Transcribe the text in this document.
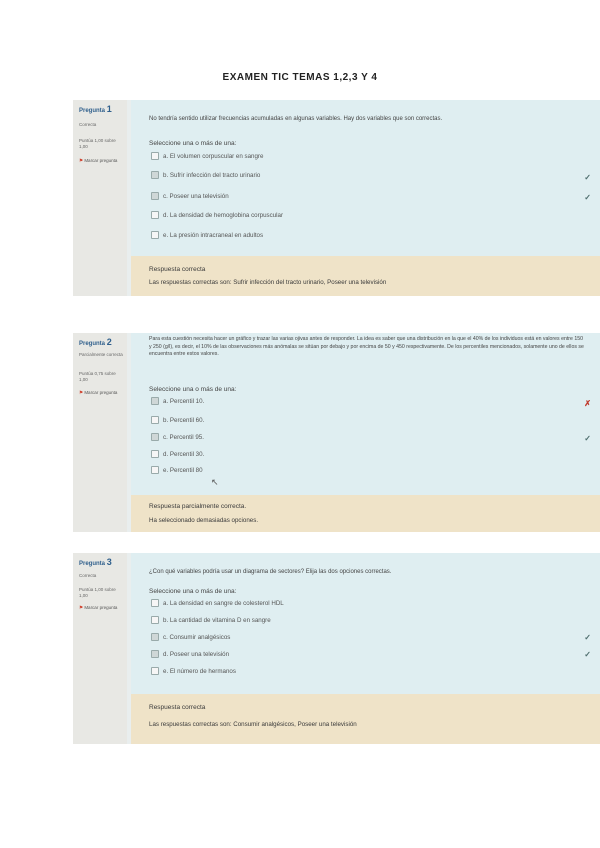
EXAMEN TIC TEMAS 1,2,3 Y 4
Pregunta 1
Correcta
Puntúa 1,00 sobre 1,00
⚑ Marcar pregunta
No tendría sentido utilizar frecuencias acumuladas en algunas variables. Hay dos variables que son correctas.
Seleccione una o más de una:
a. El volumen corpuscular en sangre
b. Sufrir infección del tracto urinario	✓
c. Poseer una televisión	✓
d. La densidad de hemoglobina corpuscular
e. La presión intracraneal en adultos
Respuesta correcta
Las respuestas correctas son: Sufrir infección del tracto urinario, Poseer una televisión
Pregunta 2
Parcialmente correcta
Puntúa 0,75 sobre 1,00
⚑ Marcar pregunta
Para esta cuestión necesita hacer un gráfico y trazar las varias ojivas antes de responder. La idea es saber que una distribución en la que el 40% de los individuos está en valores entre 150 y 250 (g/l), es decir, el 10% de las observaciones más anómalas se sitúan por debajo y por encima de 50 y 450 respectivamente. De los percentiles mencionados, solamente uno de ellos se encuentra entre estos valores.
Seleccione una o más de una:
a. Percentil 10.	✗
b. Percentil 60.
c. Percentil 95.	✓
d. Percentil 30.
e. Percentil 80
↖
Respuesta parcialmente correcta.
Ha seleccionado demasiadas opciones.
Pregunta 3
Correcta
Puntúa 1,00 sobre 1,00
⚑ Marcar pregunta
¿Con qué variables podría usar un diagrama de sectores? Elija las dos opciones correctas.
Seleccione una o más de una:
a. La densidad en sangre de colesterol HDL
b. La cantidad de vitamina D en sangre
c. Consumir analgésicos	✓
d. Poseer una televisión	✓
e. El número de hermanos
Respuesta correcta
Las respuestas correctas son: Consumir analgésicos, Poseer una televisión
